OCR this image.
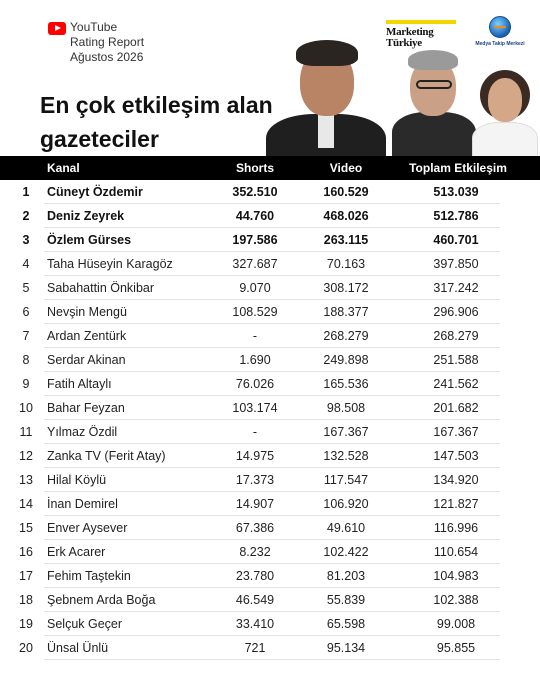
YouTube
Rating Report
Ağustos 2026
Marketing
Türkiye	Medya Takip Merkezi
En çok etkileşim alan
gazeteciler
Kanal	Shorts	Video	Toplam Etkileşim
1	Cüneyt Özdemir	352.510	160.529	513.039
2	Deniz Zeyrek	44.760	468.026	512.786
3	Özlem Gürses	197.586	263.115	460.701
4	Taha Hüseyin Karagöz	327.687	70.163	397.850
5	Sabahattin Önkibar	9.070	308.172	317.242
6	Nevşin Mengü	108.529	188.377	296.906
7	Ardan Zentürk	-	268.279	268.279
8	Serdar Akinan	1.690	249.898	251.588
9	Fatih Altaylı	76.026	165.536	241.562
10	Bahar Feyzan	103.174	98.508	201.682
11	Yılmaz Özdil	-	167.367	167.367
12	Zanka TV (Ferit Atay)	14.975	132.528	147.503
13	Hilal Köylü	17.373	117.547	134.920
14	İnan Demirel	14.907	106.920	121.827
15	Enver Aysever	67.386	49.610	116.996
16	Erk Acarer	8.232	102.422	110.654
17	Fehim Taştekin	23.780	81.203	104.983
18	Şebnem Arda Boğa	46.549	55.839	102.388
19	Selçuk Geçer	33.410	65.598	99.008
20	Ünsal Ünlü	721	95.134	95.855
